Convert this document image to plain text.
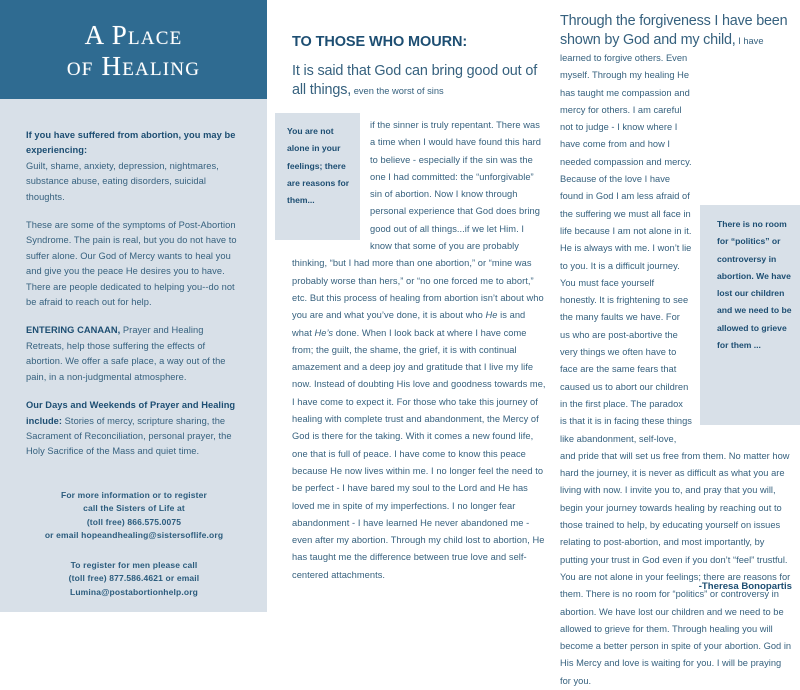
A Place
of Healing

If you have suffered from abortion, you may be experiencing:
Guilt, shame, anxiety, depression, nightmares, substance abuse, eating disorders, suicidal thoughts.

These are some of the symptoms of Post-Abortion Syndrome. The pain is real, but you do not have to suffer alone. Our God of Mercy wants to heal you and give you the peace He desires you to have. There are people dedicated to helping you--do not be afraid to reach out for help.

ENTERING CANAAN, Prayer and Healing Retreats, help those suffering the effects of abortion. We offer a safe place, a way out of the pain, in a non-judgmental atmosphere.

Our Days and Weekends of Prayer and Healing include: Stories of mercy, scripture sharing, the Sacrament of Reconciliation, personal prayer, the Holy Sacrifice of the Mass and quiet time.

For more information or to register
call the Sisters of Life at
(toll free) 866.575.0075
or email hopeandhealing@sistersoflife.org

To register for men please call
(toll free) 877.586.4621 or email
Lumina@postabortionhelp.org

TO THOSE WHO MOURN:
It is said that God can bring good out of all things, even the worst of sins
You are not alone in your feelings; there are reasons for them...
if the sinner is truly repentant. There was a time when I would have found this hard to believe - especially if the sin was the one I had committed: the “unforgivable” sin of abortion. Now I know through personal experience that God does bring good out of all things...if we let Him. I know that some of you are probably thinking, “but I had more than one abortion,” or “mine was probably worse than hers,” or “no one forced me to abort,” etc. But this process of healing from abortion isn’t about who you are and what you’ve done, it is about who He is and what He’s done. When I look back at where I have come from; the guilt, the shame, the grief, it is with continual amazement and a deep joy and gratitude that I live my life now. Instead of doubting His love and goodness towards me, I have come to expect it. For those who take this journey of healing with complete trust and abandonment, the Mercy of God is there for the taking. With it comes a new found life, one that is full of peace. I have come to know this peace because He now lives within me. I no longer feel the need to be perfect - I have bared my soul to the Lord and He has loved me in spite of my imperfections. I no longer fear abandonment - I have learned He never abandoned me - even after my abortion. Through my child lost to abortion, He has taught me the difference between true love and self-centered attachments.
Through the forgiveness I have been shown by God and my child, I have
There is no room for “politics” or controversy in abortion. We have lost our children and we need to be allowed to grieve for them ...
learned to forgive others. Even myself. Through my healing He has taught me compassion and mercy for others. I am careful not to judge - I know where I have come from and how I needed compassion and mercy. Because of the love I have found in God I am less afraid of the suffering we must all face in life because I am not alone in it. He is always with me. I won’t lie to you. It is a difficult journey. You must face yourself honestly. It is frightening to see the many faults we have. For us who are post-abortive the very things we often have to face are the same fears that caused us to abort our children in the first place. The paradox is that it is in facing these things like abandonment, self-love, and pride that will set us free from them. No matter how hard the journey, it is never as difficult as what you are living with now. I invite you to, and pray that you will, begin your journey towards healing by reaching out to those trained to help, by educating yourself on issues relating to post-abortion, and most importantly, by putting your trust in God even if you don’t “feel” trustful. You are not alone in your feelings; there are reasons for them. There is no room for “politics” or controversy in abortion. We have lost our children and we need to be allowed to grieve for them. Through healing you will become a better person in spite of your abortion. God in His Mercy and love is waiting for you. I will be praying for you.
-Theresa Bonopartis
